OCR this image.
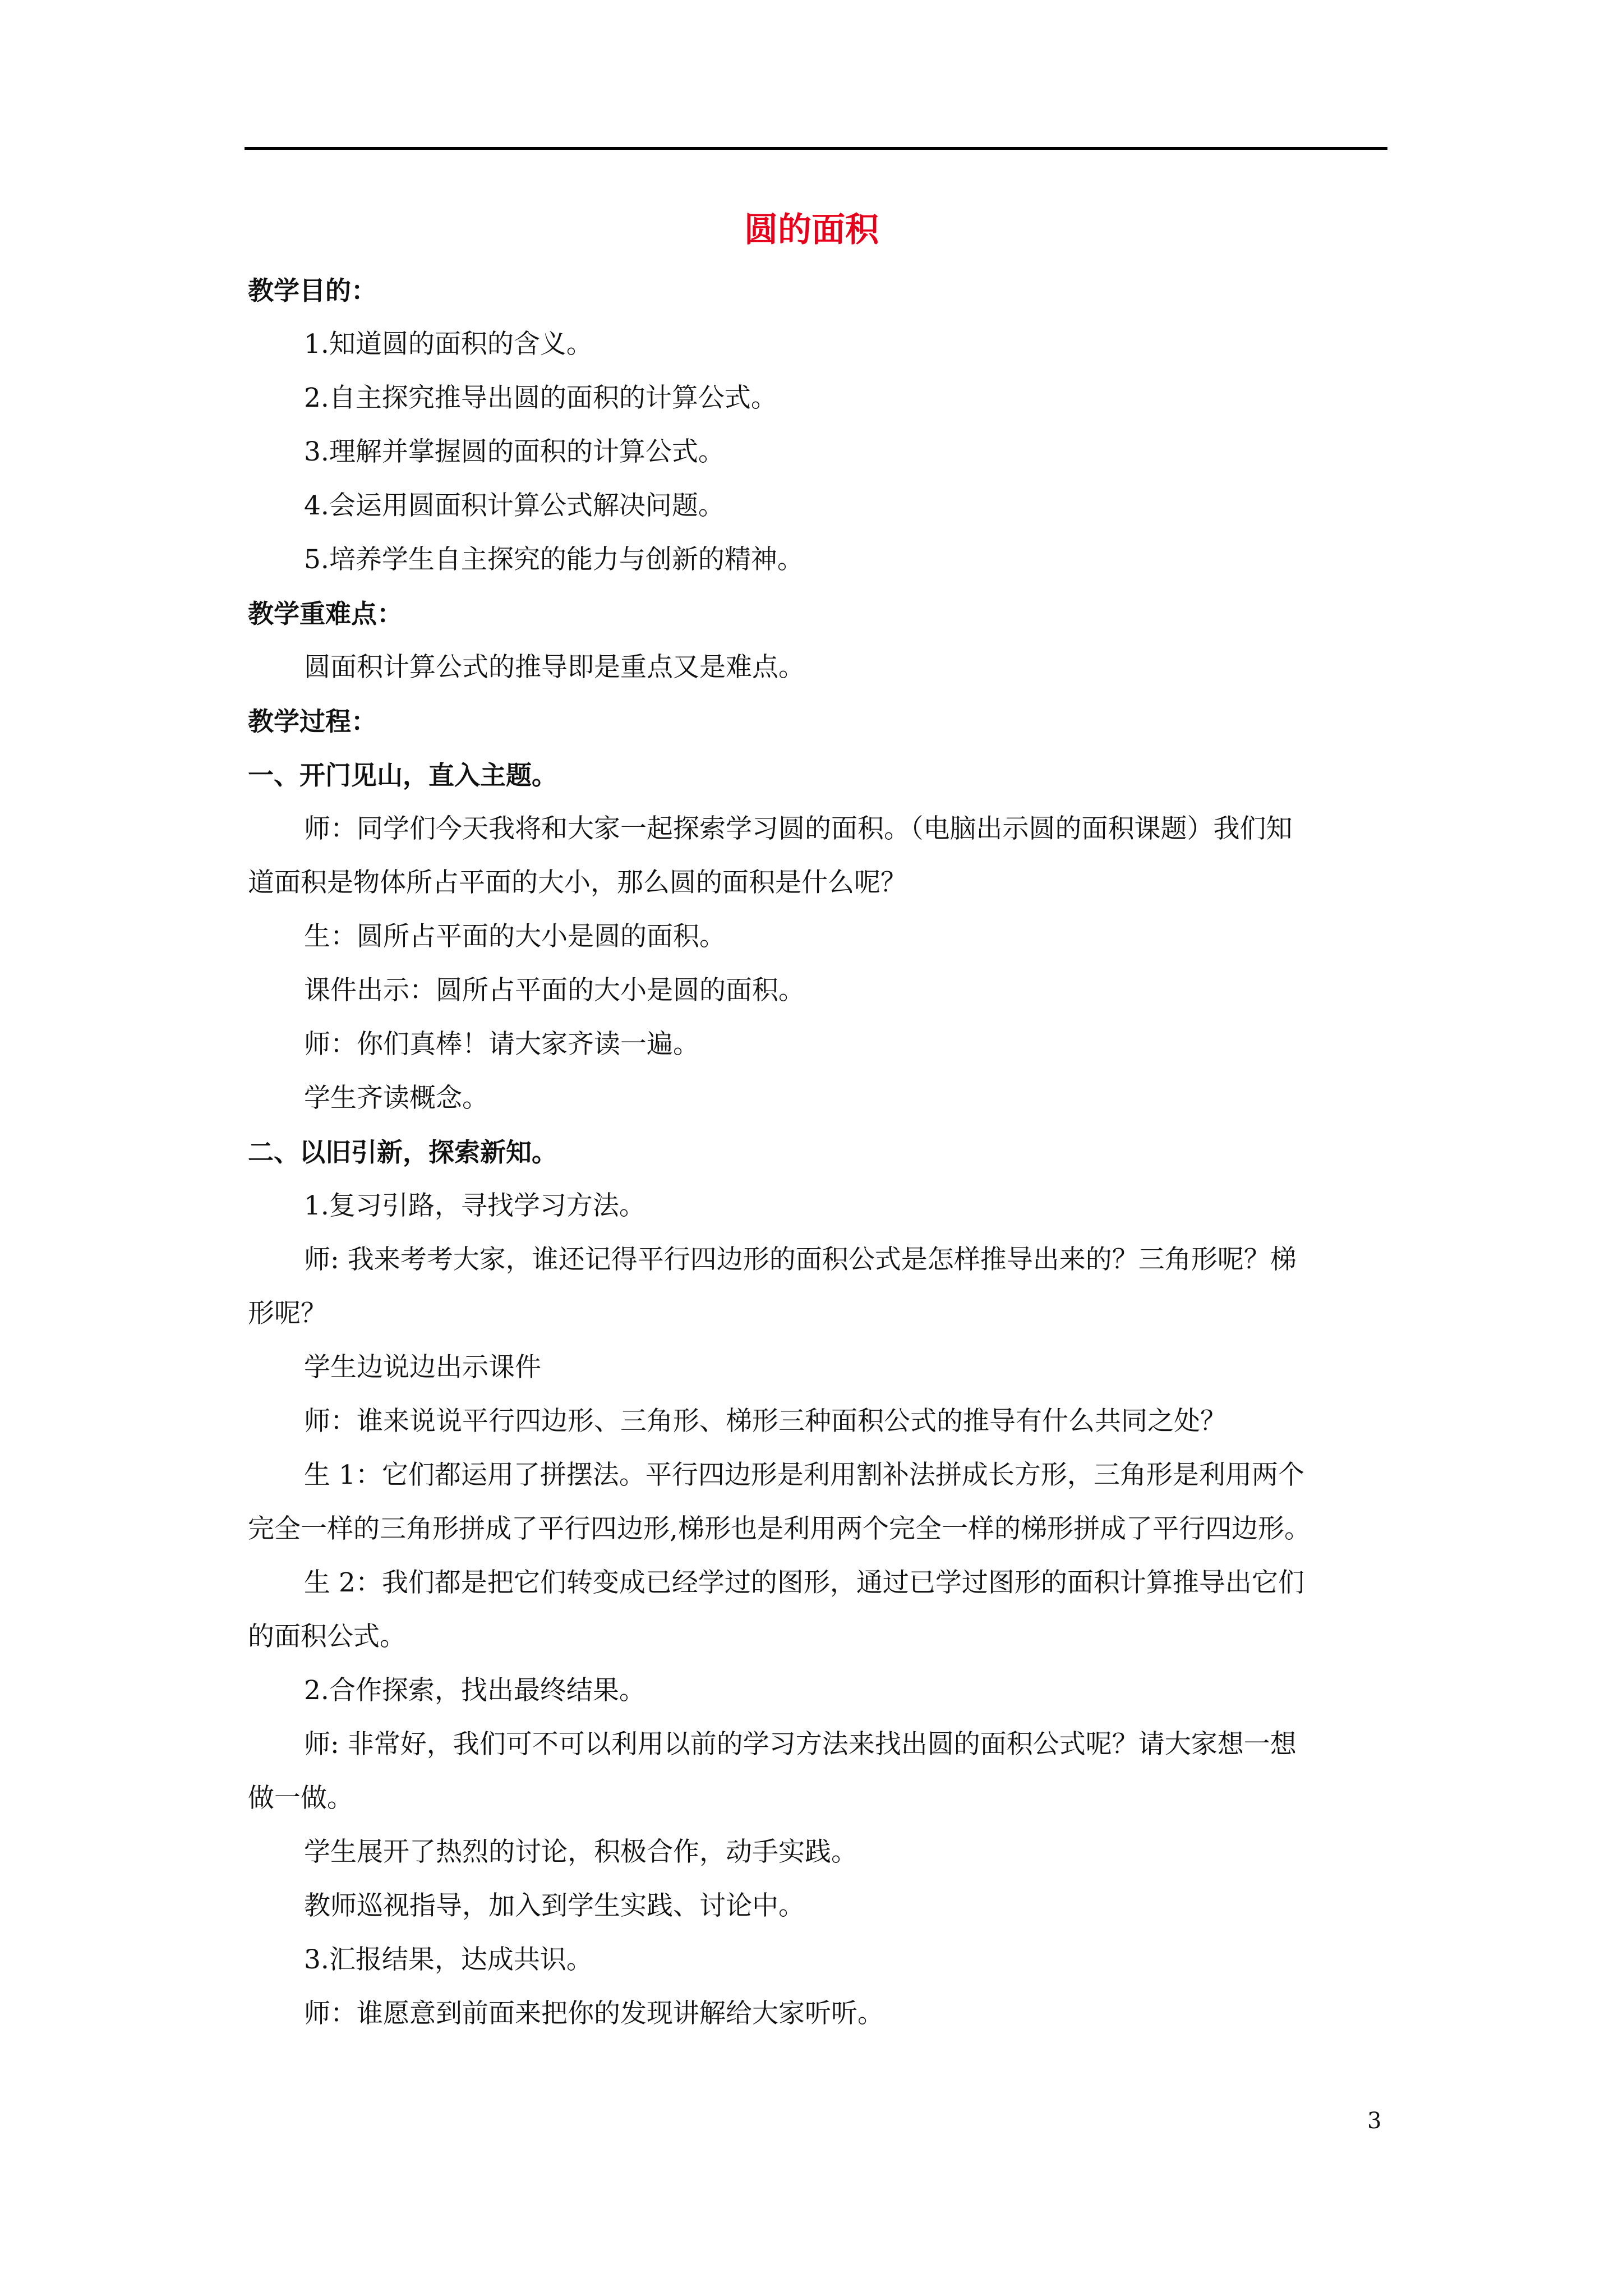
圆的面积
教学目的：
1.知道圆的面积的含义。
2.自主探究推导出圆的面积的计算公式。
3.理解并掌握圆的面积的计算公式。
4.会运用圆面积计算公式解决问题。
5.培养学生自主探究的能力与创新的精神。
教学重难点：
圆面积计算公式的推导即是重点又是难点。
教学过程：
一、开门见山，直入主题。
师：同学们今天我将和大家一起探索学习圆的面积。（电脑出示圆的面积课题）我们知
道面积是物体所占平面的大小，那么圆的面积是什么呢？
生：圆所占平面的大小是圆的面积。
课件出示：圆所占平面的大小是圆的面积。
师：你们真棒！请大家齐读一遍。
学生齐读概念。
二、以旧引新，探索新知。
1.复习引路，寻找学习方法。
师: 我来考考大家，谁还记得平行四边形的面积公式是怎样推导出来的？三角形呢？梯
形呢？
学生边说边出示课件
师：谁来说说平行四边形、三角形、梯形三种面积公式的推导有什么共同之处？
生 1：它们都运用了拼摆法。平行四边形是利用割补法拼成长方形，三角形是利用两个
完全一样的三角形拼成了平行四边形,梯形也是利用两个完全一样的梯形拼成了平行四边形。
生 2：我们都是把它们转变成已经学过的图形，通过已学过图形的面积计算推导出它们
的面积公式。
2.合作探索，找出最终结果。
师: 非常好，我们可不可以利用以前的学习方法来找出圆的面积公式呢？请大家想一想
做一做。
学生展开了热烈的讨论，积极合作，动手实践。
教师巡视指导，加入到学生实践、讨论中。
3.汇报结果，达成共识。
师：谁愿意到前面来把你的发现讲解给大家听听。
3
